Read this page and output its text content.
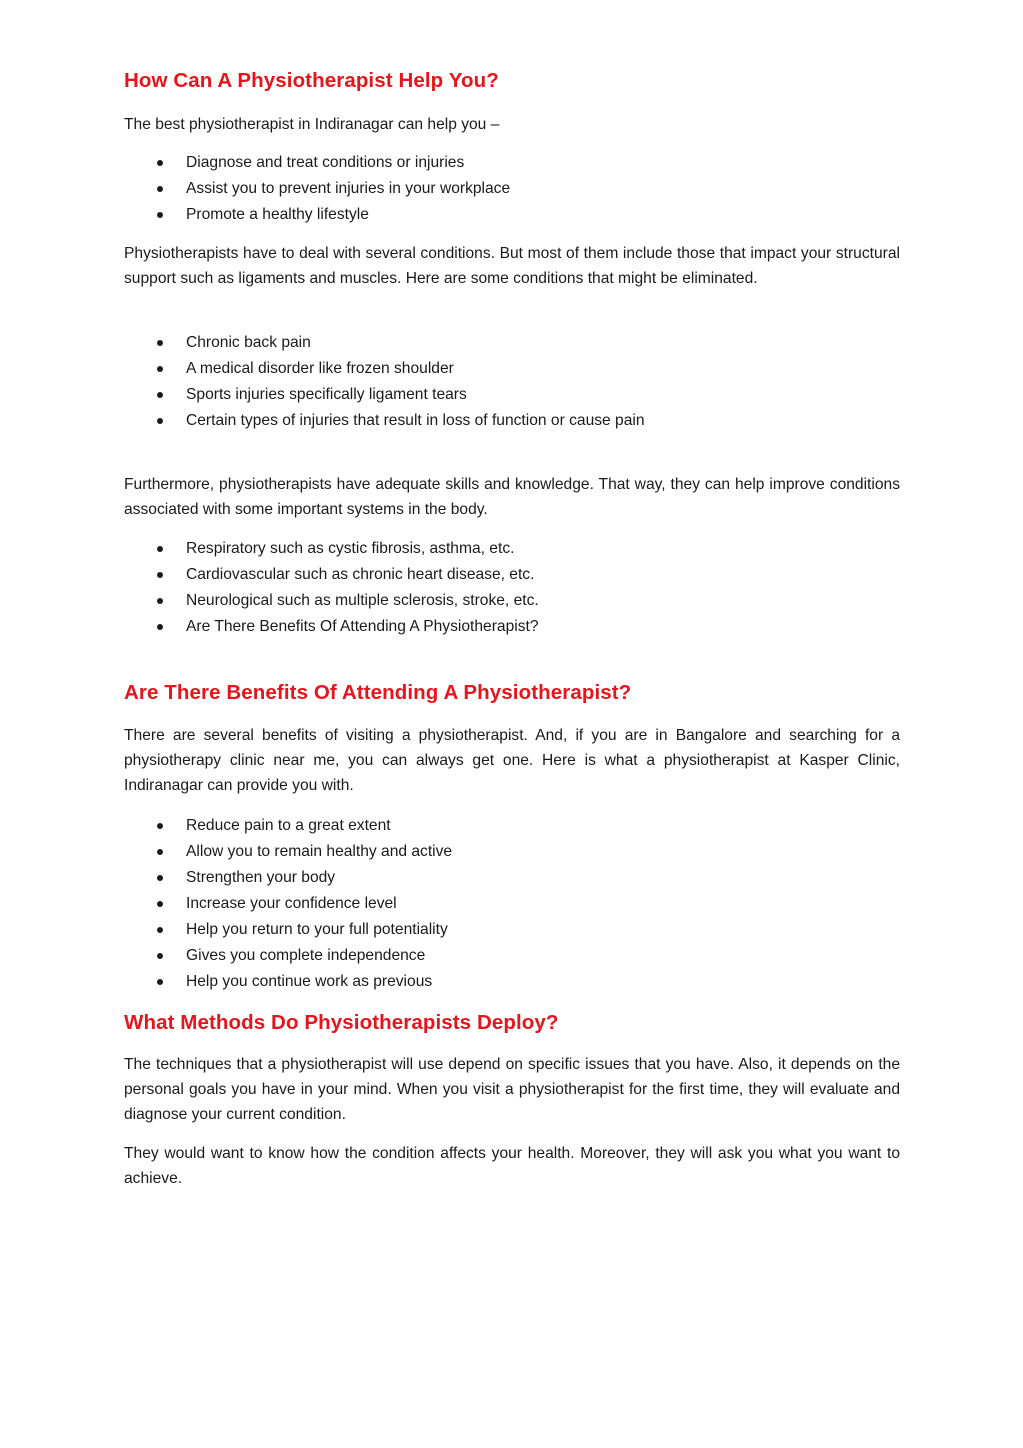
How Can A Physiotherapist Help You?

The best physiotherapist in Indiranagar can help you –

Diagnose and treat conditions or injuries
Assist you to prevent injuries in your workplace
Promote a healthy lifestyle

Physiotherapists have to deal with several conditions. But most of them include those that impact your structural support such as ligaments and muscles. Here are some conditions that might be eliminated.

Chronic back pain
A medical disorder like frozen shoulder
Sports injuries specifically ligament tears
Certain types of injuries that result in loss of function or cause pain

Furthermore, physiotherapists have adequate skills and knowledge. That way, they can help improve conditions associated with some important systems in the body.

Respiratory such as cystic fibrosis, asthma, etc.
Cardiovascular such as chronic heart disease, etc.
Neurological such as multiple sclerosis, stroke, etc.
Are There Benefits Of Attending A Physiotherapist?
Are There Benefits Of Attending A Physiotherapist?

There are several benefits of visiting a physiotherapist. And, if you are in Bangalore and searching for a physiotherapy clinic near me, you can always get one. Here is what a physiotherapist at Kasper Clinic, Indiranagar can provide you with.

Reduce pain to a great extent
Allow you to remain healthy and active
Strengthen your body
Increase your confidence level
Help you return to your full potentiality
Gives you complete independence
Help you continue work as previous
What Methods Do Physiotherapists Deploy?

The techniques that a physiotherapist will use depend on specific issues that you have. Also, it depends on the personal goals you have in your mind. When you visit a physiotherapist for the first time, they will evaluate and diagnose your current condition.

They would want to know how the condition affects your health. Moreover, they will ask you what you want to achieve.
